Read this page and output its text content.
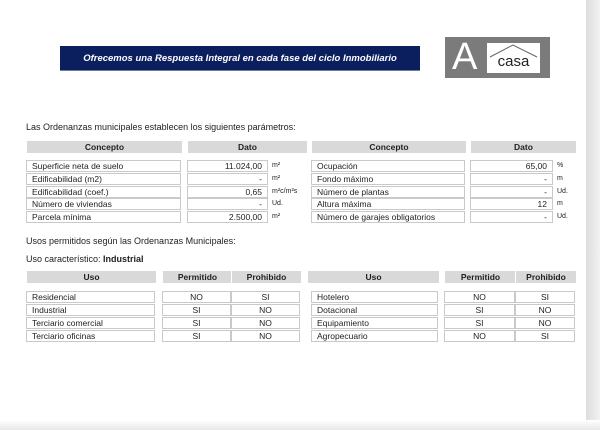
Ofrecemos una Respuesta Integral en cada fase del ciclo Inmobiliario	A	casa
Las Ordenanzas municipales establecen los siguientes parámetros:
Usos permitidos según las Ordenanzas Municipales:
Uso característico: Industrial
Concepto	Dato	Concepto	Dato
Superficie neta de suelo	11.024,00	m²
Edificabilidad (m2)	-	m²
Edificabilidad (coef.)	0,65	m²c/m²s
Número de viviendas	-	Ud.
Parcela mínima	2.500,00	m²
Ocupación	65,00	%
Fondo máximo	-	m
Número de plantas	-	Ud.
Altura máxima	12	m
Número de garajes obligatorios	-	Ud.
Uso	Permitido	Prohibido	Uso	Permitido	Prohibido
Residencial	NO	SI
Industrial	SI	NO
Terciario comercial	SI	NO
Terciario oficinas	SI	NO
Hotelero	NO	SI
Dotacional	SI	NO
Equipamiento	SI	NO
Agropecuario	NO	SI
